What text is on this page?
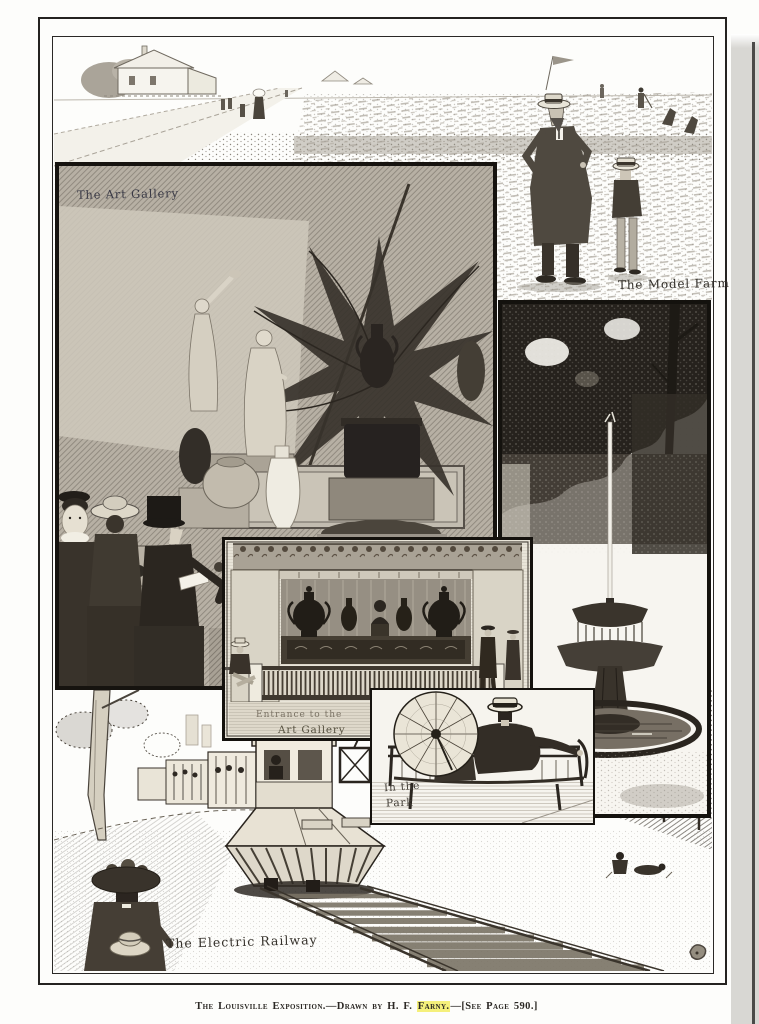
The Art Gallery
The Model Farm
Entrance to the
Art Gallery
In the
Park
The Electric Railway
The Louisville Exposition.—Drawn by H. F. Farny.—[See Page 590.]
